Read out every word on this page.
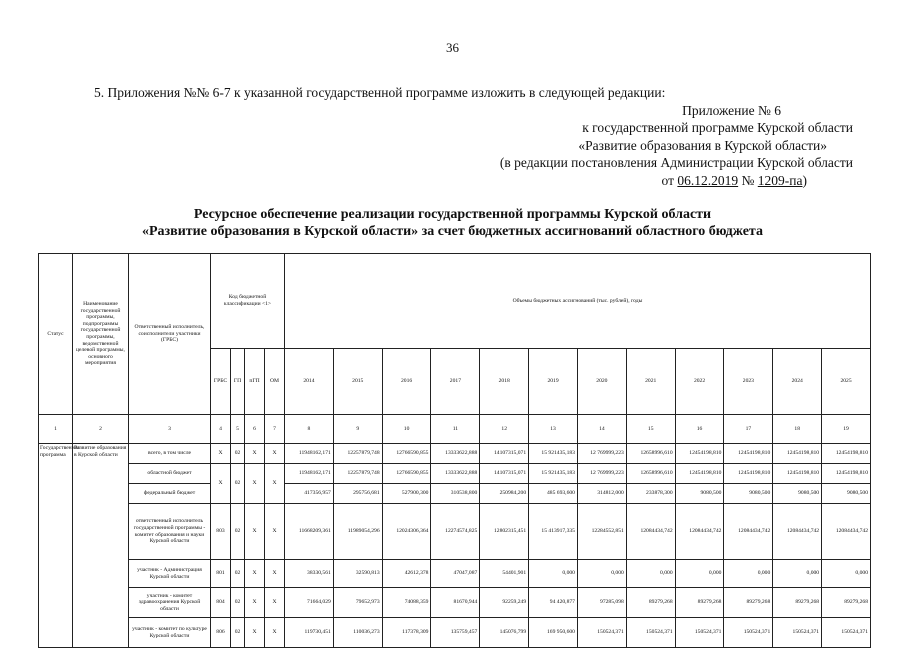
36
5. Приложения №№ 6-7 к указанной государственной программе изложить в следующей редакции:
Приложение № 6
к государственной программе Курской области
«Развитие образования в Курской области»
(в редакции постановления Администрации Курской области
от 06.12.2019 № 1209-па)
Ресурсное обеспечение реализации государственной программы Курской области
«Развитие образования в Курской области» за счет бюджетных ассигнований областного бюджета
Статус	Наименование государственной программы, подпрограммы государственной программы, ведомственной целевой программы, основного мероприятия	Ответственный исполнитель, соисполнители участники (ГРБС)	Код бюджетной классификации <1>				Объемы бюджетных ассигнований (тыс. рублей), годы											
			ГРБС	ГП	пГП	ОМ	2014	2015	2016	2017	2018	2019	2020	2021	2022	2023	2024	2025
1	2	3	4	5	6	7	8	9	10	11	12	13	14	15	16	17	18	19
Государственная программа	Развитие образования в Курской области	всего, в том числе	X	02	X	X	11948162,171	12257879,748	12766590,855	13333622,888	14107315,071	15 921435,183	12 769999,223	12658996,610	12454198,810	12454198,810	12454198,810	12454198,810
		областной бюджет	X	02	X	X	11948162,171	12257879,748	12766590,855	13333622,888	14107315,071	15 921435,183	12 769999,223	12658996,610	12454198,810	12454198,810	12454198,810	12454198,810
		федеральный бюджет					417356,957	295756,681	527900,300	310538,800	250984,200	485 693,600	314812,000	233878,300	9080,500	9080,500	9080,500	9080,500
		ответственный исполнитель государственной программы - комитет образования и науки Курской области	803	02	X	X	11668209,361	11989054,296	12024306,364	12274574,825	12802315,451	15 413917,335	12284552,851	12084434,742	12084434,742	12084434,742	12084434,742	12084434,742
		участник - Администрация Курской области	801	02	X	X	38330,561	32590,813	42612,378	47047,087	54401,901	0,000	0,000	0,000	0,000	0,000	0,000	0,000
		участник - комитет здравоохранения Курской области	804	02	X	X	71664,029	79652,973	74088,359	81670,944	92259,249	94 420,877	97285,098	89279,268	89279,268	89279,268	89279,268	89279,268
		участник - комитет по культуре Курской области	806	02	X	X	119730,451	110036,273	117378,309	135759,457	145076,799	169 950,600	150524,371	150524,371	150524,371	150524,371	150524,371	150524,371
